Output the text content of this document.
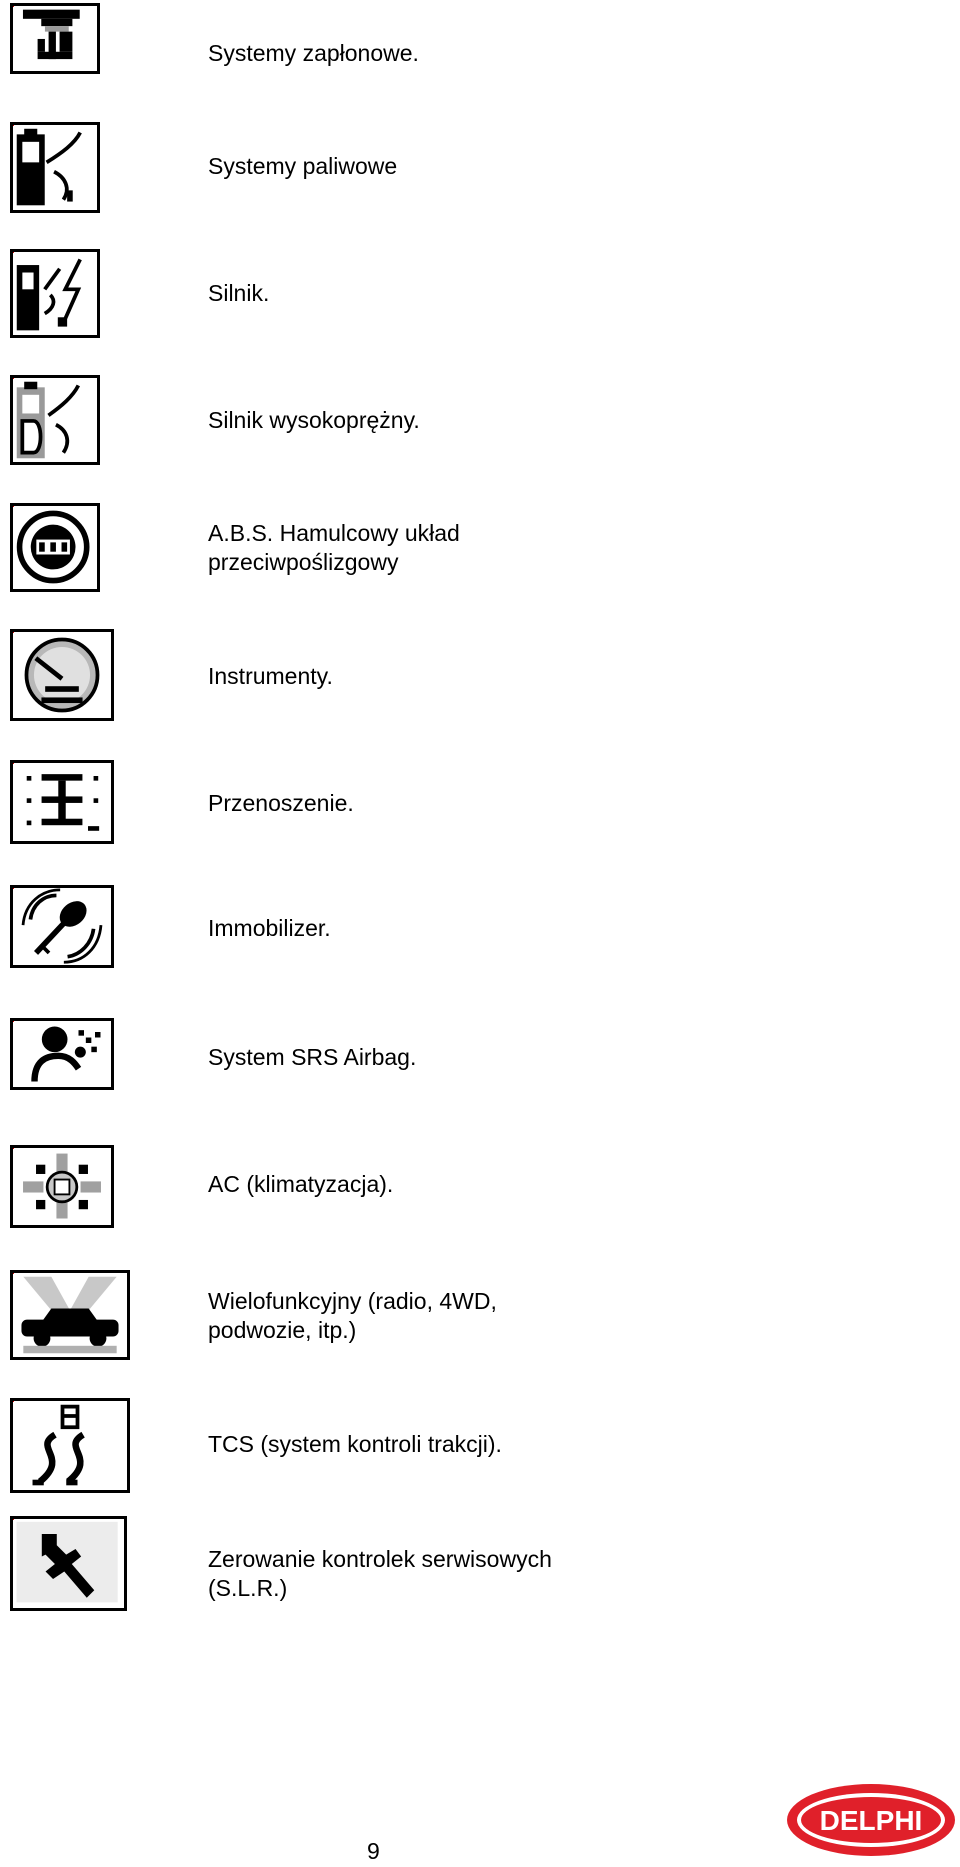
Systemy zapłonowe.
Systemy paliwowe
Silnik.
Silnik wysokoprężny.
A.B.S. Hamulcowy układ
przeciwpoślizgowy
Instrumenty.
Przenoszenie.
Immobilizer.
System SRS Airbag.
AC (klimatyzacja).
Wielofunkcyjny (radio, 4WD,
podwozie, itp.)
TCS (system kontroli trakcji).
Zerowanie kontrolek serwisowych
(S.L.R.)
9
DELPHI
